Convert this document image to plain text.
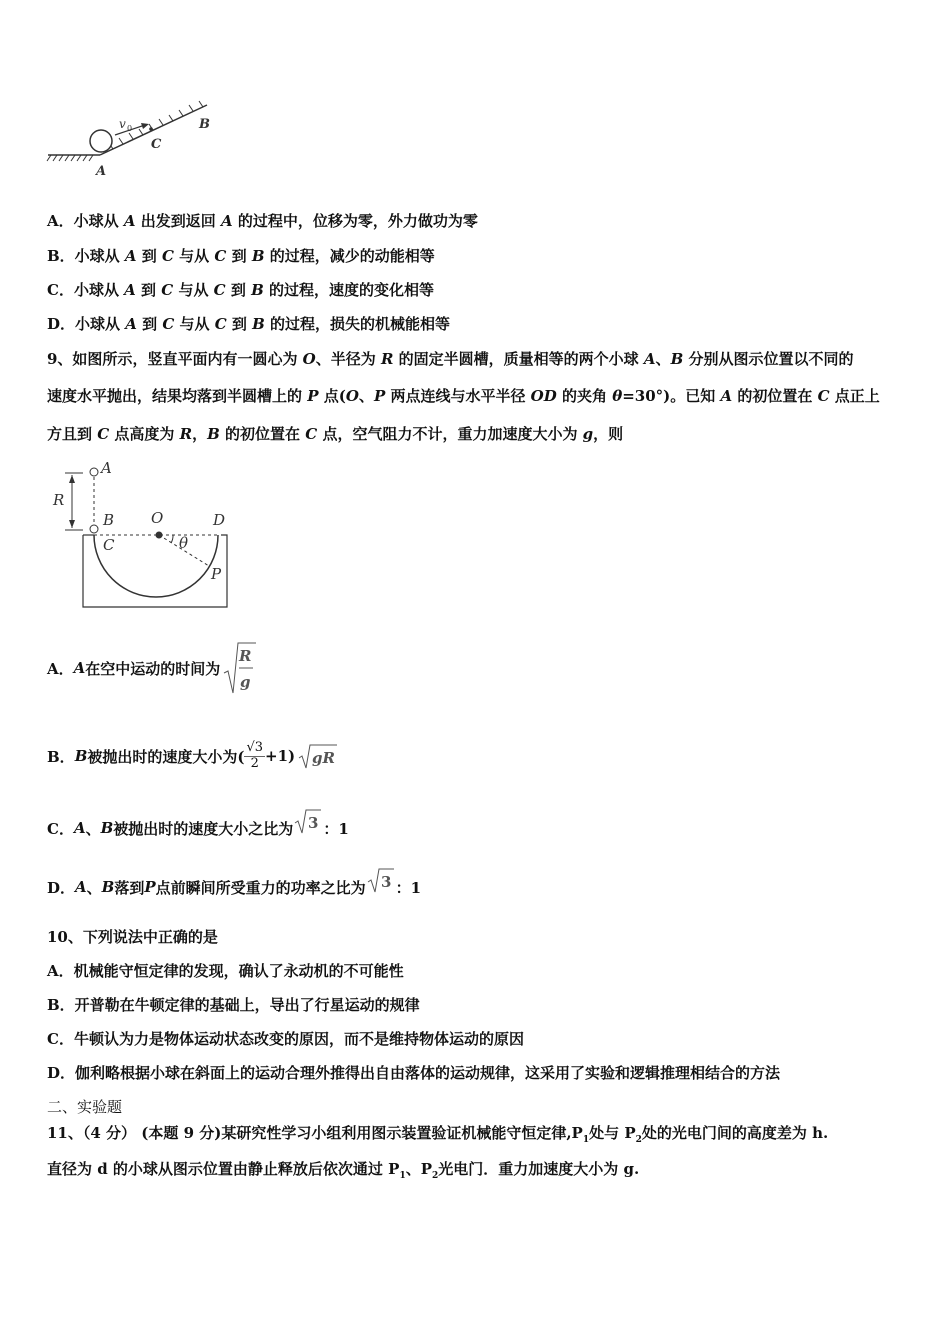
v 0
C
B
A
A．小球从 A 出发到返回 A 的过程中，位移为零，外力做功为零
B．小球从 A 到 C 与从 C 到 B 的过程，减少的动能相等
C．小球从 A 到 C 与从 C 到 B 的过程，速度的变化相等
D．小球从 A 到 C 与从 C 到 B 的过程，损失的机械能相等
9、如图所示，竖直平面内有一圆心为 O、半径为 R 的固定半圆槽，质量相等的两个小球 A、B 分别从图示位置以不同的
速度水平抛出，结果均落到半圆槽上的 P 点(O、P 两点连线与水平半径 OD 的夹角 θ=30°)。已知 A 的初位置在 C 点正上
方且到 C 点高度为 R，B 的初位置在 C 点，空气阻力不计，重力加速度大小为 g，则
R
A
B
C
O	D
θ
P
A． A 在空中运动的时间为
R
g
B． B 被抛出时的速度大小为( $\frac{√3}{2} +1$) gR
C． A 、 B 被抛出时的速度大小之比为 3 ：1
D． A 、 B 落到 P 点前瞬间所受重力的功率之比为 3 ：1
10、下列说法中正确的是
A．机械能守恒定律的发现，确认了永动机的不可能性
B．开普勒在牛顿定律的基础上，导出了行星运动的规律
C．牛顿认为力是物体运动状态改变的原因，而不是维持物体运动的原因
D．伽利略根据小球在斜面上的运动合理外推得出自由落体的运动规律，这采用了实验和逻辑推理相结合的方法
二、实验题
11、（4 分） (本题 9 分)某研究性学习小组利用图示装置验证机械能守恒定律$,P_1$处与 $P_2$处的光电门间的高度差为 h.
直径为 d 的小球从图示位置由静止释放后依次通过 $P_1$、$P_2$光电门．重力加速度大小为 g.
